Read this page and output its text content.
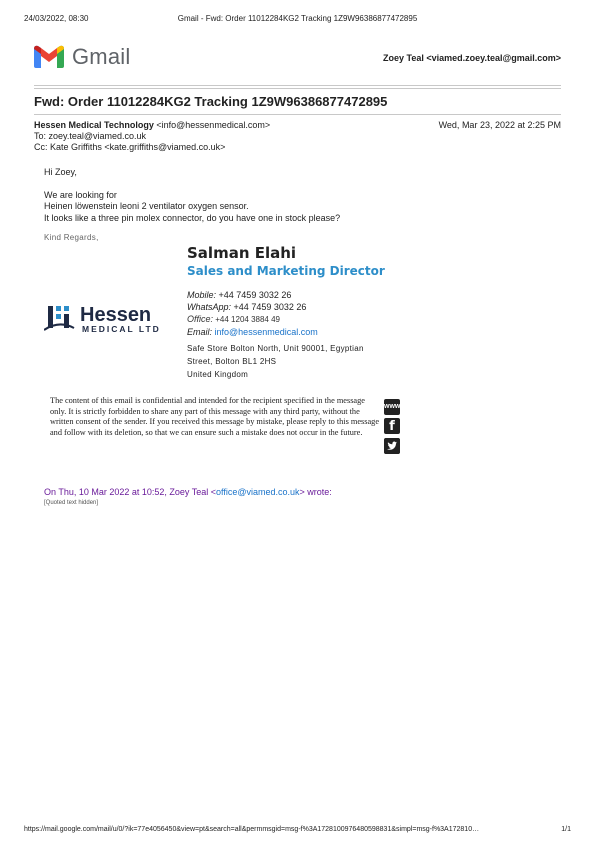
24/03/2022, 08:30	Gmail - Fwd: Order 11012284KG2 Tracking 1Z9W96386877472895
Gmail	Zoey Teal <viamed.zoey.teal@gmail.com>
Fwd: Order 11012284KG2 Tracking 1Z9W96386877472895
Hessen Medical Technology <info@hessenmedical.com>
To: zoey.teal@viamed.co.uk
Cc: Kate Griffiths <kate.griffiths@viamed.co.uk>
Wed, Mar 23, 2022 at 2:25 PM

Hi Zoey,

We are looking for

Heinen löwenstein leoni 2 ventilator oxygen sensor.

It looks like a three pin molex connector, do you have one in stock please?

Kind Regards,
Hessen
MEDICAL LTD
Salman Elahi
Sales and Marketing Director
Mobile: +44 7459 3032 26
WhatsApp: +44 7459 3032 26
Office: +44 1204 3884 49
Email: info@hessenmedical.com
Safe Store Bolton North, Unit 90001, Egyptian
Street, Bolton BL1 2HS
United Kingdom
The content of this email is confidential and intended for the recipient specified in the message only. It is strictly forbidden to share any part of this message with any third party, without the written consent of the sender. If you received this message by mistake, please reply to this message and follow with its deletion, so that we can ensure such a mistake does not occur in the future.
www
f
On Thu, 10 Mar 2022 at 10:52, Zoey Teal <office@viamed.co.uk> wrote:
[Quoted text hidden]
https://mail.google.com/mail/u/0/?ik=77e4056450&view=pt&search=all&permmsgid=msg-f%3A1728100976480598831&simpl=msg-f%3A172810…	1/1
